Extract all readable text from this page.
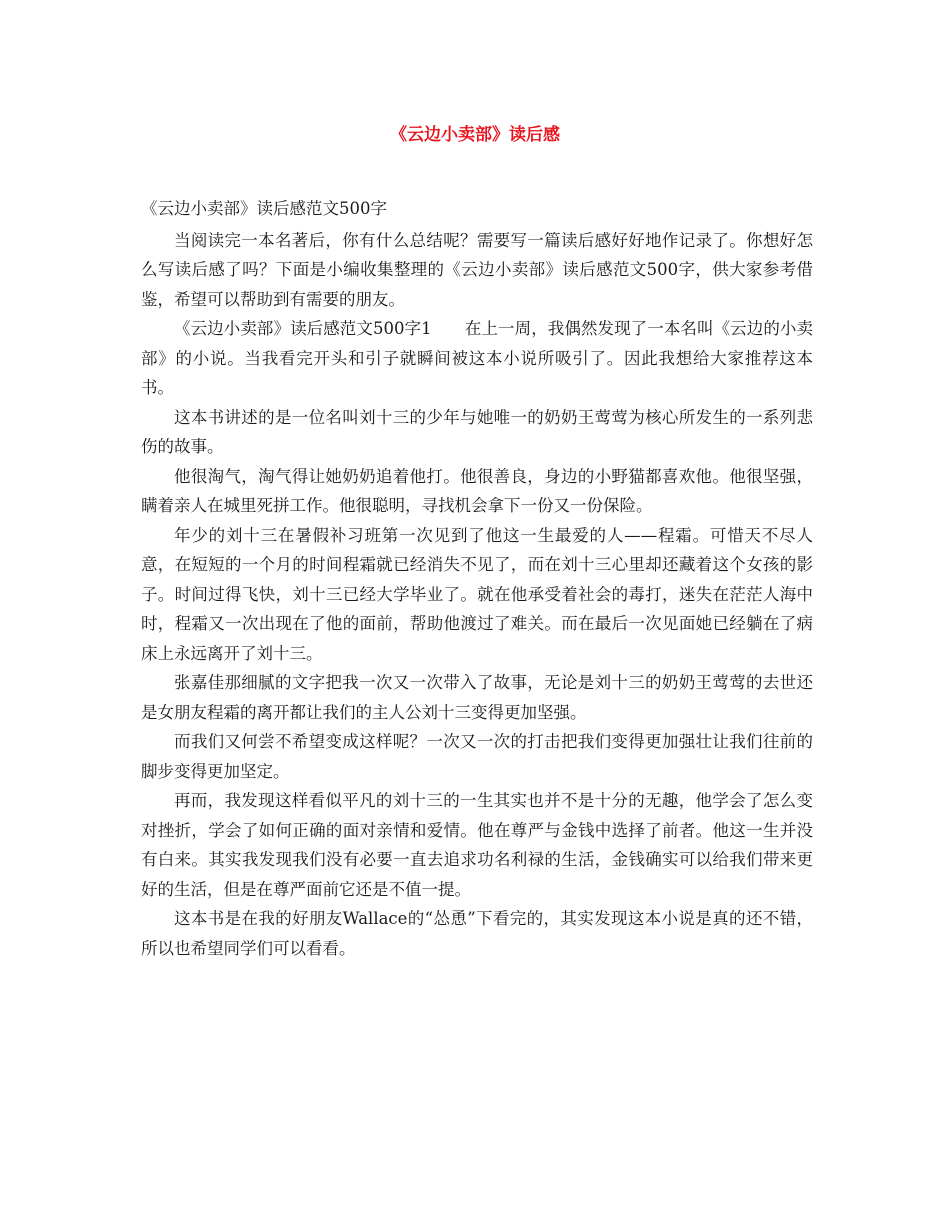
《云边小卖部》读后感

《云边小卖部》读后感范文500字

当阅读完一本名著后，你有什么总结呢？需要写一篇读后感好好地作记录了。你想好怎么写读后感了吗？下面是小编收集整理的《云边小卖部》读后感范文500字，供大家参考借鉴，希望可以帮助到有需要的朋友。

《云边小卖部》读后感范文500字1　　在上一周，我偶然发现了一本名叫《云边的小卖部》的小说。当我看完开头和引子就瞬间被这本小说所吸引了。因此我想给大家推荐这本书。

这本书讲述的是一位名叫刘十三的少年与她唯一的奶奶王莺莺为核心所发生的一系列悲伤的故事。

他很淘气，淘气得让她奶奶追着他打。他很善良，身边的小野猫都喜欢他。他很坚强，瞒着亲人在城里死拼工作。他很聪明，寻找机会拿下一份又一份保险。

年少的刘十三在暑假补习班第一次见到了他这一生最爱的人——程霜。可惜天不尽人意，在短短的一个月的时间程霜就已经消失不见了，而在刘十三心里却还藏着这个女孩的影子。时间过得飞快，刘十三已经大学毕业了。就在他承受着社会的毒打，迷失在茫茫人海中时，程霜又一次出现在了他的面前，帮助他渡过了难关。而在最后一次见面她已经躺在了病床上永远离开了刘十三。

张嘉佳那细腻的文字把我一次又一次带入了故事，无论是刘十三的奶奶王莺莺的去世还是女朋友程霜的离开都让我们的主人公刘十三变得更加坚强。

而我们又何尝不希望变成这样呢？一次又一次的打击把我们变得更加强壮让我们往前的脚步变得更加坚定。

再而，我发现这样看似平凡的刘十三的一生其实也并不是十分的无趣，他学会了怎么变对挫折，学会了如何正确的面对亲情和爱情。他在尊严与金钱中选择了前者。他这一生并没有白来。其实我发现我们没有必要一直去追求功名利禄的生活，金钱确实可以给我们带来更好的生活，但是在尊严面前它还是不值一提。

这本书是在我的好朋友Wallace的“怂恿”下看完的，其实发现这本小说是真的还不错，所以也希望同学们可以看看。
